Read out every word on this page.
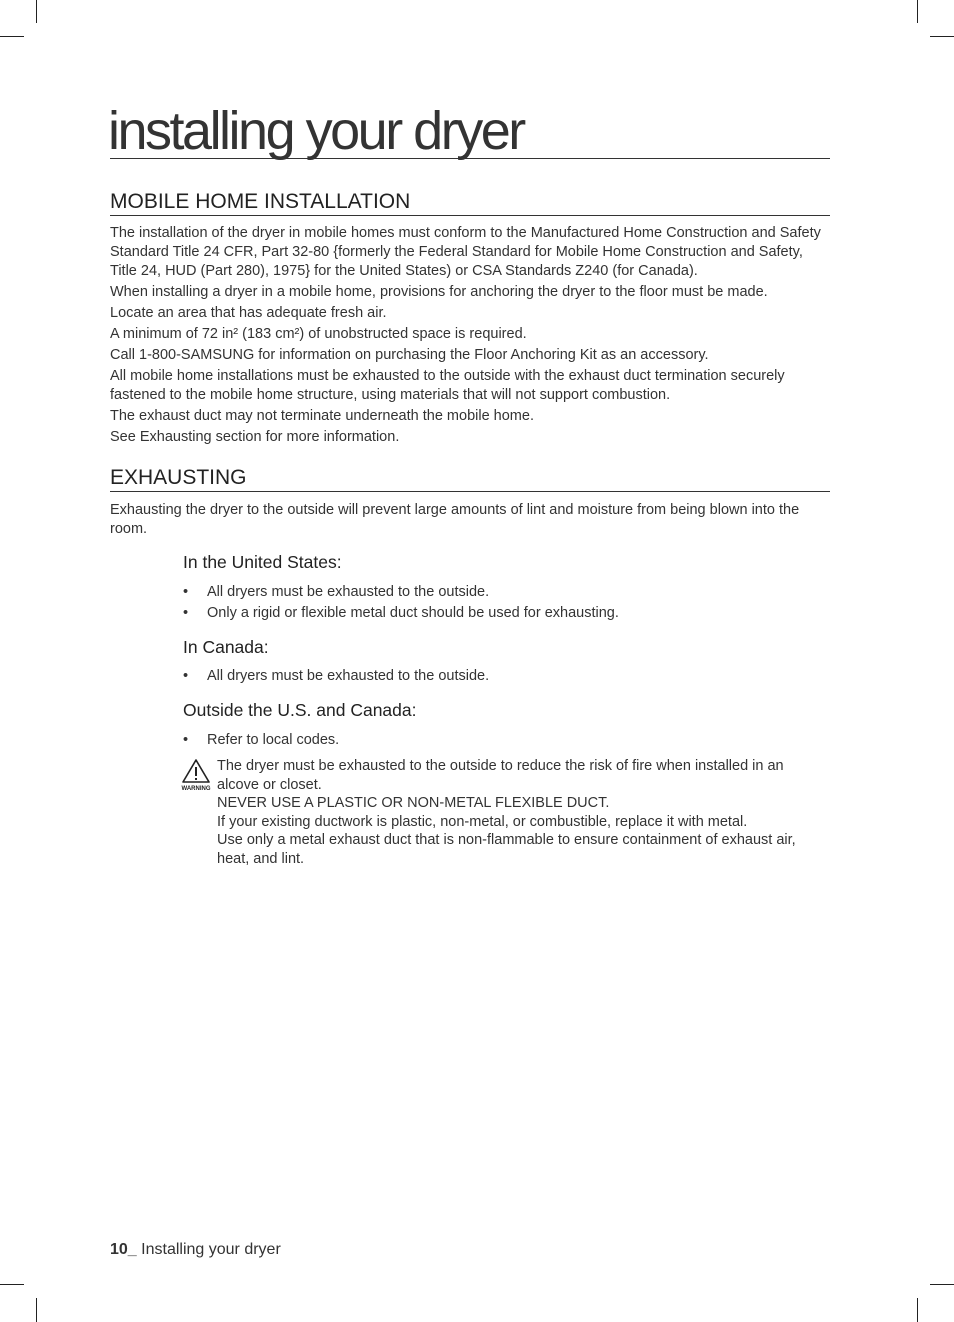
installing your dryer
MOBILE HOME INSTALLATION

The installation of the dryer in mobile homes must conform to the Manufactured Home Construction and Safety Standard Title 24 CFR, Part 32-80 {formerly the Federal Standard for Mobile Home Construction and Safety, Title 24, HUD (Part 280), 1975} for the United States) or CSA Standards Z240 (for Canada).

When installing a dryer in a mobile home, provisions for anchoring the dryer to the floor must be made.

Locate an area that has adequate fresh air.

A minimum of 72 in² (183 cm²) of unobstructed space is required.

Call 1-800-SAMSUNG for information on purchasing the Floor Anchoring Kit as an accessory.

All mobile home installations must be exhausted to the outside with the exhaust duct termination securely fastened to the mobile home structure, using materials that will not support combustion.

The exhaust duct may not terminate underneath the mobile home.

See Exhausting section for more information.

EXHAUSTING

Exhausting the dryer to the outside will prevent large amounts of lint and moisture from being blown into the room.

In the United States:
•	All dryers must be exhausted to the outside.
•	Only a rigid or flexible metal duct should be used for exhausting.
In Canada:
•	All dryers must be exhausted to the outside.
Outside the U.S. and Canada:
•	Refer to local codes.
WARNING
The dryer must be exhausted to the outside to reduce the risk of fire when installed in an alcove or closet.
NEVER USE A PLASTIC OR NON-METAL FLEXIBLE DUCT.
If your existing ductwork is plastic, non-metal, or combustible, replace it with metal.
Use only a metal exhaust duct that is non-flammable to ensure containment of exhaust air, heat, and lint.
10_ Installing your dryer
